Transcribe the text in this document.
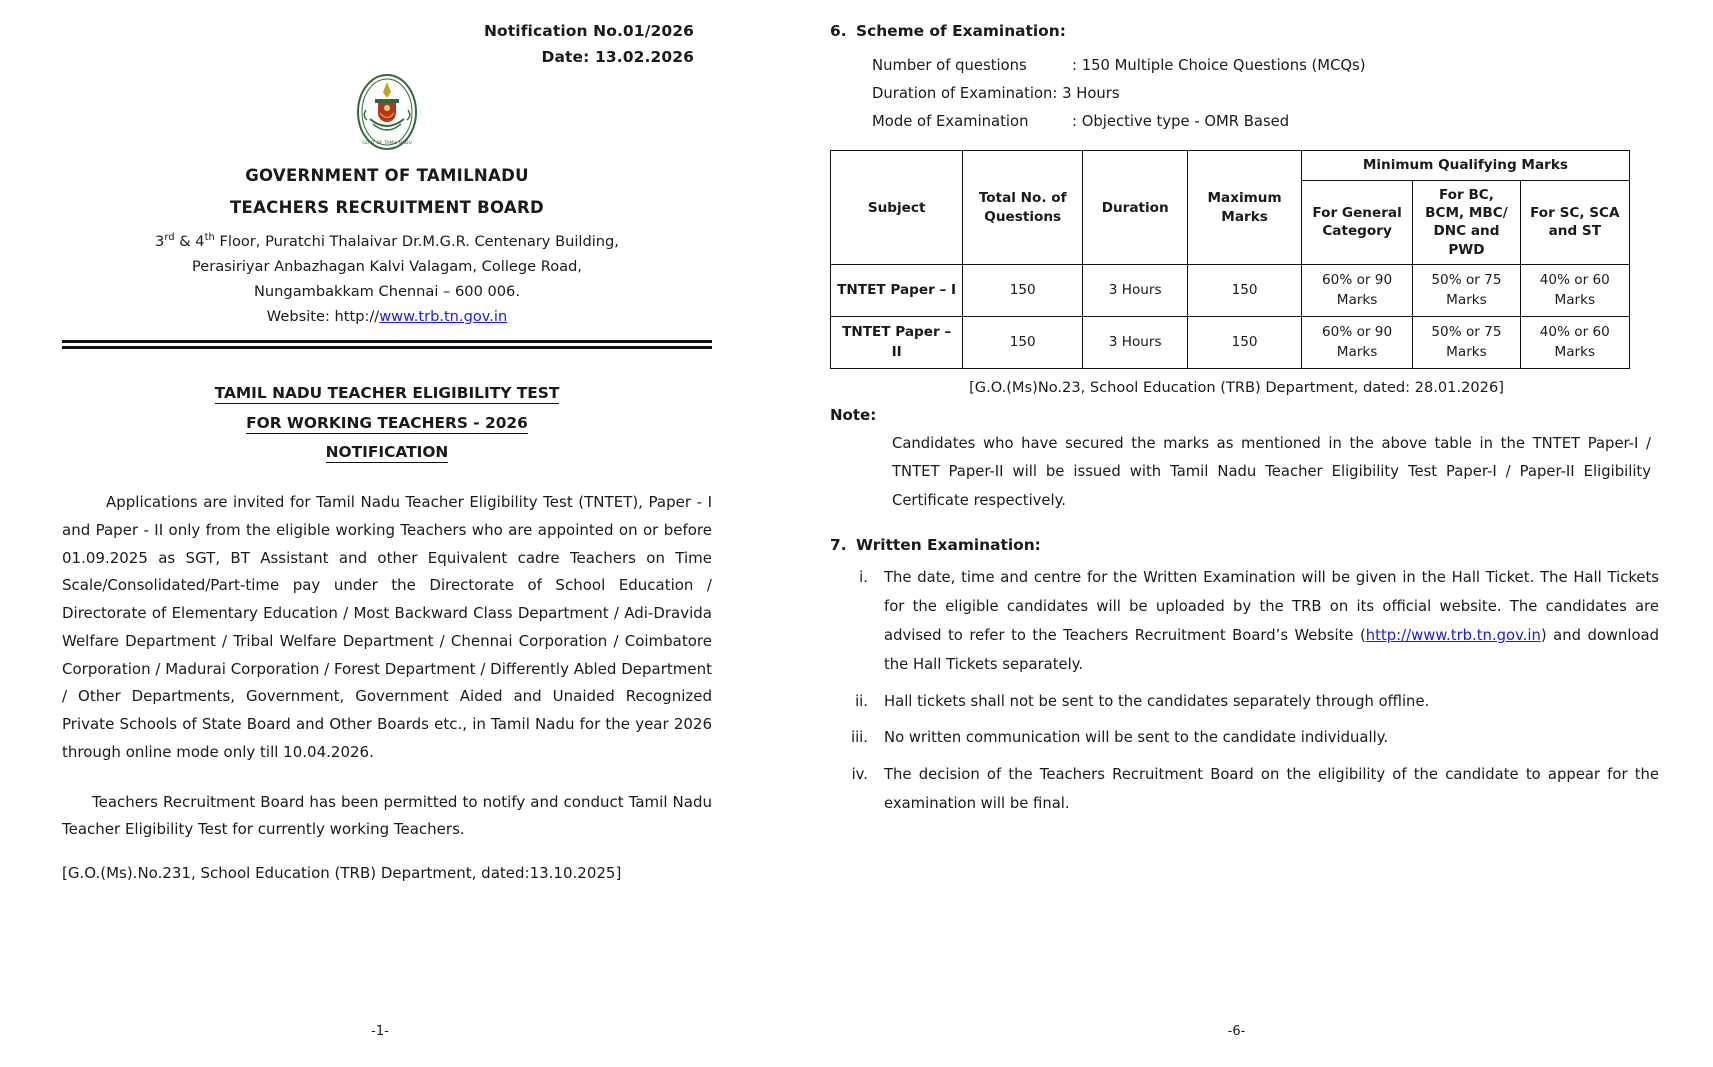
Notification No.01/2026
Date: 13.02.2026
GOVT OF TAMIL NADU
GOVERNMENT OF TAMILNADU
TEACHERS RECRUITMENT BOARD
3rd & 4th Floor, Puratchi Thalaivar Dr.M.G.R. Centenary Building,
Perasiriyar Anbazhagan Kalvi Valagam, College Road,
Nungambakkam Chennai – 600 006.
Website: http://www.trb.tn.gov.in
TAMIL NADU TEACHER ELIGIBILITY TEST
FOR WORKING TEACHERS - 2026
NOTIFICATION
Applications are invited for Tamil Nadu Teacher Eligibility Test (TNTET), Paper - I and Paper - II only from the eligible working Teachers who are appointed on or before 01.09.2025 as SGT, BT Assistant and other Equivalent cadre Teachers on Time Scale/Consolidated/Part-time pay under the Directorate of School Education / Directorate of Elementary Education / Most Backward Class Department / Adi-Dravida Welfare Department / Tribal Welfare Department / Chennai Corporation / Coimbatore Corporation / Madurai Corporation / Forest Department / Differently Abled Department / Other Departments, Government, Government Aided and Unaided Recognized Private Schools of State Board and Other Boards etc., in Tamil Nadu for the year 2026 through online mode only till 10.04.2026.
Teachers Recruitment Board has been permitted to notify and conduct Tamil Nadu Teacher Eligibility Test for currently working Teachers.
[G.O.(Ms).No.231, School Education (TRB) Department, dated:13.10.2025]
-1-
6. Scheme of Examination:
Number of questions	: 150 Multiple Choice Questions (MCQs)
Duration of Examination: 3 Hours
Mode of Examination	: Objective type - OMR Based
Subject	Total No. of Questions	Duration	Maximum Marks	Minimum Qualifying Marks		
				For General Category	For BC, BCM, MBC/ DNC and PWD	For SC, SCA and ST
TNTET Paper – I	150	3 Hours	150	60% or 90 Marks	50% or 75 Marks	40% or 60 Marks
TNTET Paper – II	150	3 Hours	150	60% or 90 Marks	50% or 75 Marks	40% or 60 Marks
[G.O.(Ms)No.23, School Education (TRB) Department, dated: 28.01.2026]
Note:
Candidates who have secured the marks as mentioned in the above table in the TNTET Paper-I / TNTET Paper-II will be issued with Tamil Nadu Teacher Eligibility Test Paper-I / Paper-II Eligibility Certificate respectively.
7. Written Examination:
i.	The date, time and centre for the Written Examination will be given in the Hall Ticket. The Hall Tickets for the eligible candidates will be uploaded by the TRB on its official website. The candidates are advised to refer to the Teachers Recruitment Board’s Website (http://www.trb.tn.gov.in) and download the Hall Tickets separately.
ii.	Hall tickets shall not be sent to the candidates separately through offline.
iii.	No written communication will be sent to the candidate individually.
iv.	The decision of the Teachers Recruitment Board on the eligibility of the candidate to appear for the examination will be final.
-6-
